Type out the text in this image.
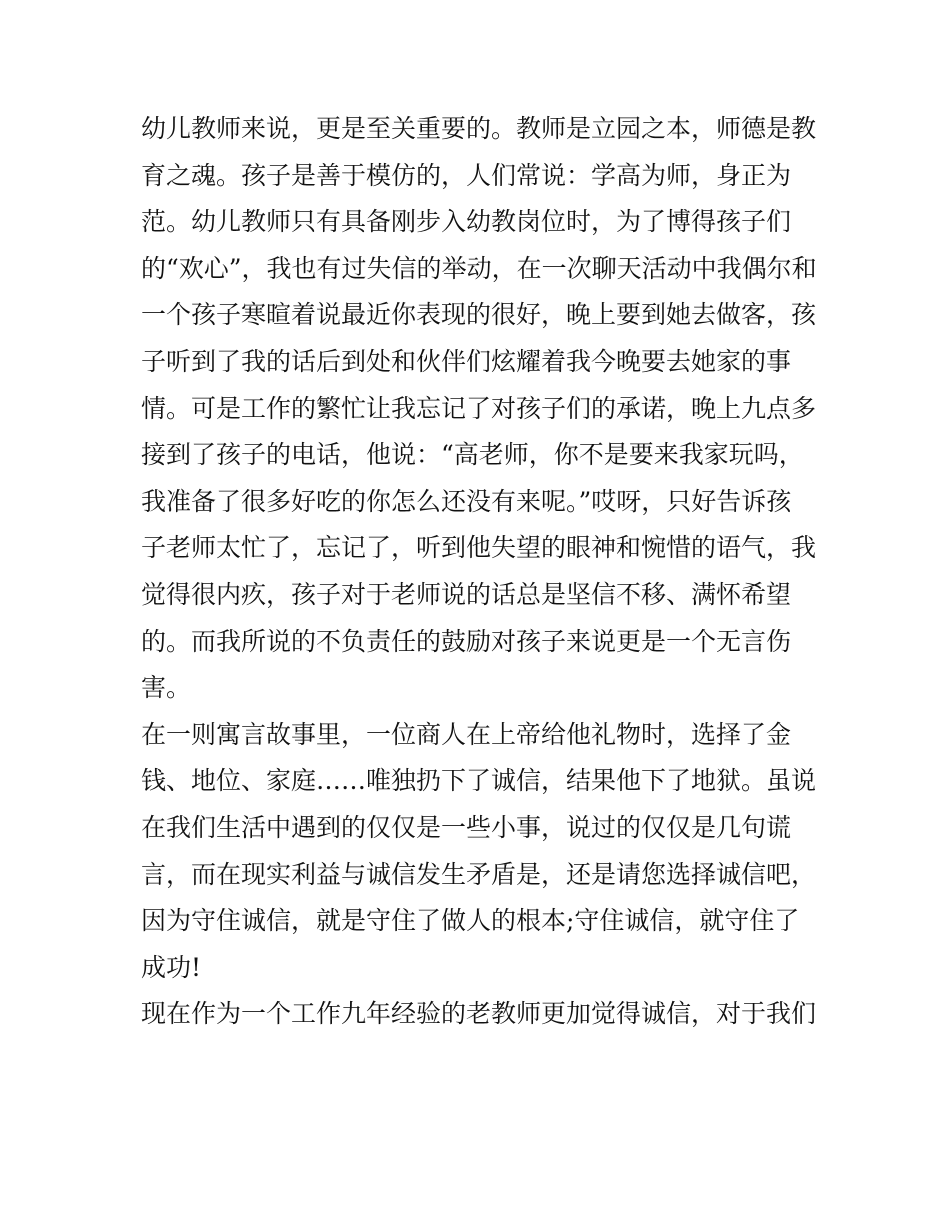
幼儿教师来说，更是至关重要的。教师是立园之本，师德是教
育之魂。孩子是善于模仿的，人们常说：学高为师，身正为
范。幼儿教师只有具备刚步入幼教岗位时，为了博得孩子们
的“欢心”，我也有过失信的举动，在一次聊天活动中我偶尔和
一个孩子寒暄着说最近你表现的很好，晚上要到她去做客，孩
子听到了我的话后到处和伙伴们炫耀着我今晚要去她家的事
情。可是工作的繁忙让我忘记了对孩子们的承诺，晚上九点多
接到了孩子的电话，他说：“高老师，你不是要来我家玩吗，
我准备了很多好吃的你怎么还没有来呢。”哎呀，只好告诉孩
子老师太忙了，忘记了，听到他失望的眼神和惋惜的语气，我
觉得很内疚，孩子对于老师说的话总是坚信不移、满怀希望
的。而我所说的不负责任的鼓励对孩子来说更是一个无言伤
害。
在一则寓言故事里，一位商人在上帝给他礼物时，选择了金
钱、地位、家庭……唯独扔下了诚信，结果他下了地狱。虽说
在我们生活中遇到的仅仅是一些小事，说过的仅仅是几句谎
言，而在现实利益与诚信发生矛盾是，还是请您选择诚信吧，
因为守住诚信，就是守住了做人的根本;守住诚信，就守住了
成功!
现在作为一个工作九年经验的老教师更加觉得诚信，对于我们
